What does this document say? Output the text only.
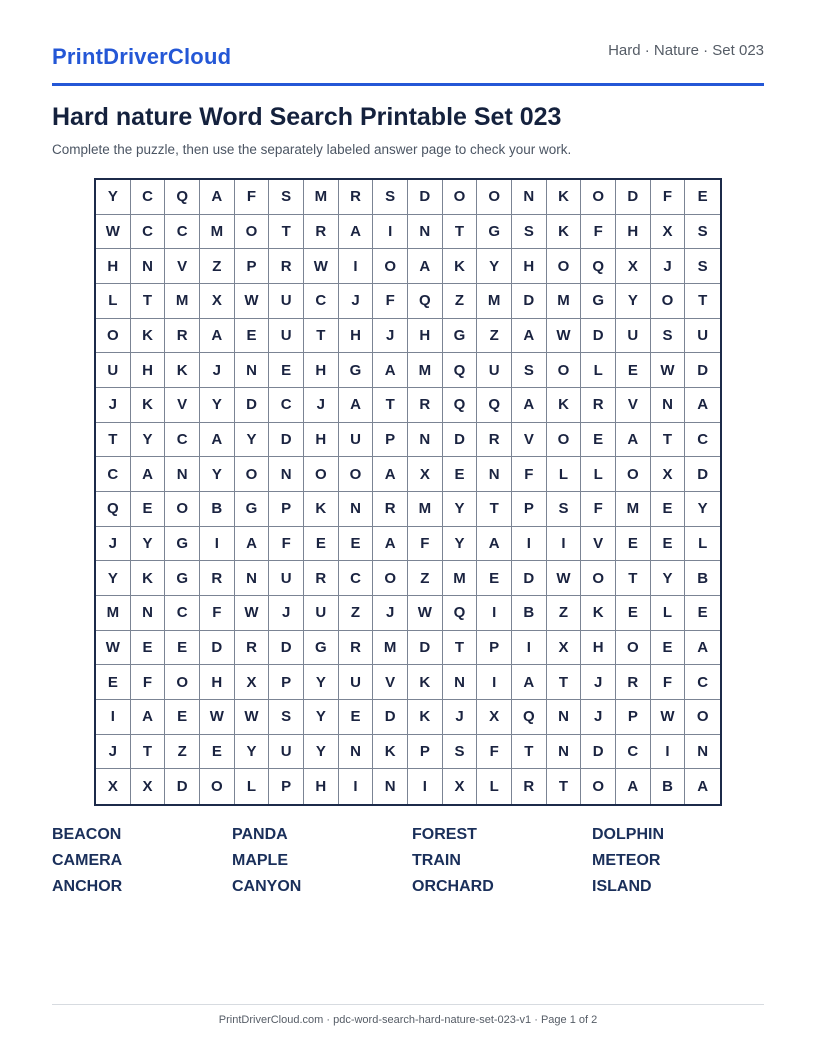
PrintDriverCloud	Hard · Nature · Set 023
Hard nature Word Search Printable Set 023
Complete the puzzle, then use the separately labeled answer page to check your work.
Y	C	Q	A	F	S	M	R	S	D	O	O	N	K	O	D	F	E
W	C	C	M	O	T	R	A	I	N	T	G	S	K	F	H	X	S
H	N	V	Z	P	R	W	I	O	A	K	Y	H	O	Q	X	J	S
L	T	M	X	W	U	C	J	F	Q	Z	M	D	M	G	Y	O	T
O	K	R	A	E	U	T	H	J	H	G	Z	A	W	D	U	S	U
U	H	K	J	N	E	H	G	A	M	Q	U	S	O	L	E	W	D
J	K	V	Y	D	C	J	A	T	R	Q	Q	A	K	R	V	N	A
T	Y	C	A	Y	D	H	U	P	N	D	R	V	O	E	A	T	C
C	A	N	Y	O	N	O	O	A	X	E	N	F	L	L	O	X	D
Q	E	O	B	G	P	K	N	R	M	Y	T	P	S	F	M	E	Y
J	Y	G	I	A	F	E	E	A	F	Y	A	I	I	V	E	E	L
Y	K	G	R	N	U	R	C	O	Z	M	E	D	W	O	T	Y	B
M	N	C	F	W	J	U	Z	J	W	Q	I	B	Z	K	E	L	E
W	E	E	D	R	D	G	R	M	D	T	P	I	X	H	O	E	A
E	F	O	H	X	P	Y	U	V	K	N	I	A	T	J	R	F	C
I	A	E	W	W	S	Y	E	D	K	J	X	Q	N	J	P	W	O
J	T	Z	E	Y	U	Y	N	K	P	S	F	T	N	D	C	I	N
X	X	D	O	L	P	H	I	N	I	X	L	R	T	O	A	B	A
BEACON	PANDA	FOREST	DOLPHIN
CAMERA	MAPLE	TRAIN	METEOR
ANCHOR	CANYON	ORCHARD	ISLAND
PrintDriverCloud.com · pdc-word-search-hard-nature-set-023-v1 · Page 1 of 2
